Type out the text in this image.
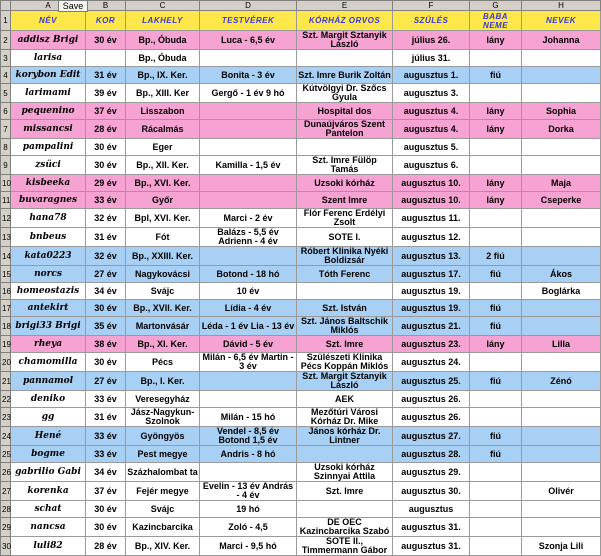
Save
	A	B	C	D	E	F	G	H
1	NÉV	KOR	LAKHELY	TESTVÉREK	KÓRHÁZ ORVOS	SZÜLÉS	BABA NEME	NEVEK
2	addisz Brigi	30 év	Bp., Óbuda	Luca - 6,5 év	Szt. Margit Sztanyik László	július 26.	lány	Johanna
3	larisa		Bp., Óbuda			július 31.		
4	korybon Edit	31 év	Bp., IX. Ker.	Bonita - 3 év	Szt. Imre Burik Zoltán	augusztus 1.	fiú	
5	larimami	39 év	Bp., XIII. Ker	Gergő - 1 év 9 hó	Kútvölgyi Dr. Szőcs Gyula	augusztus 3.		
6	pequenino	37 év	Lisszabon		Hospital dos	augusztus 4.	lány	Sophia
7	missancsi	28 év	Rácalmás		Dunaújváros Szent Pantelon	augusztus 4.	lány	Dorka
8	pampalini	30 év	Eger			augusztus 5.		
9	zsüci	30 év	Bp., XII. Ker.	Kamilla - 1,5 év	Szt. Imre Fülöp Tamás	augusztus 6.		
10	kisbeeka	29 év	Bp., XVI. Ker.		Uzsoki kórház	augusztus 10.	lány	Maja
11	buvaragnes	33 év	Győr		Szent Imre	augusztus 10.	lány	Cseperke
12	hana78	32 év	Bpl, XVI. Ker.	Marci - 2 év	Flór Ferenc Erdélyi Zsolt	augusztus 11.		
13	bnbeus	31 év	Fót	Balázs - 5,5 év Adrienn - 4 év	SOTE I.	augusztus 12.		
14	kata0223	32 év	Bp., XXIII. Ker.		Róbert Klinika Nyéki Boldizsár	augusztus 13.	2 fiú	
15	norcs	27 év	Nagykovácsi	Botond - 18 hó	Tóth Ferenc	augusztus 17.	fiú	Ákos
16	homeostazis	34 év	Svájc	10 év		augusztus 19.		Boglárka
17	antekirt	30 év	Bp., XVII. Ker.	Lídia - 4 év	Szt. István	augusztus 19.	fiú	
18	brigi33 Brigi	35 év	Martonvásár	Léda - 1 év Lia - 13 év	Szt. János Baltschik Miklós	augusztus 21.	fiú	
19	rheya	38 év	Bp., XI. Ker.	Dávid - 5 év	Szt. Imre	augusztus 23.	lány	Lilla
20	chamomilla	30 év	Pécs	Milán - 6,5 év Martin - 3 év	Szülészeti Klinika Pécs Koppán Miklós	augusztus 24.		
21	pannamol	27 év	Bp., I. Ker.		Szt. Margit Sztanyik László	augusztus 25.	fiú	Zénó
22	deniko	33 év	Veresegyház		AEK	augusztus 26.		
23	gg	31 év	Jász-Nagykun-Szolnok	Milán - 15 hó	Mezőtúri Városi Kórház Dr. Mike	augusztus 26.		
24	Hené	33 év	Gyöngyös	Vendel - 8,5 év Botond 1,5 év	János kórház Dr. Lintner	augusztus 27.	fiú	
25	bogme	33 év	Pest megye	Andris - 8 hó		augusztus 28.	fiú	
26	gabrilio Gabi	34 év	Százhalombat ta		Uzsoki kórház Szinnyai Attila	augusztus 29.		
27	korenka	37 év	Fejér megye	Evelin - 13 év András - 4 év	Szt. Imre	augusztus 30.		Olivér
28	schat	30 év	Svájc	19 hó		augusztus		
29	nancsa	30 év	Kazincbarcika	Zoló - 4,5	DE OEC Kazincbarcika Szabó	augusztus 31.		
30	luli82	28 év	Bp., XIV. Ker.	Marci - 9,5 hó	SOTE II., Timmermann Gábor	augusztus 31.		Szonja Lili
